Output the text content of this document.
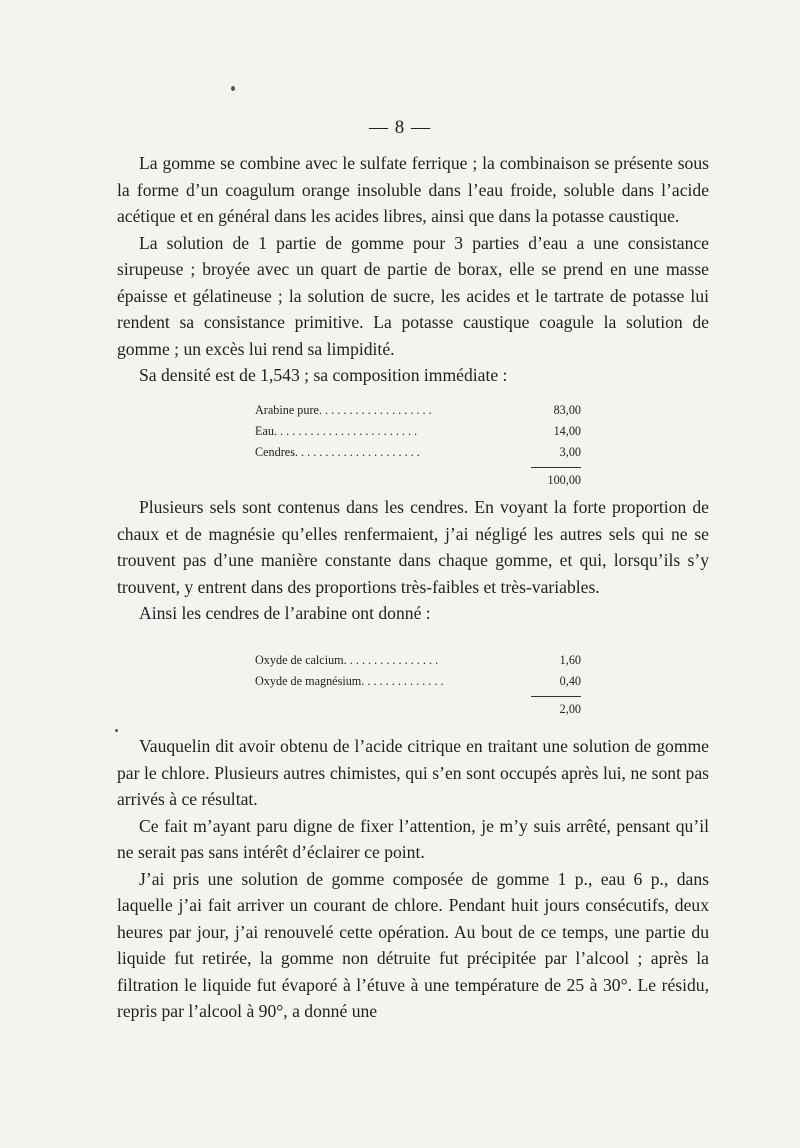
— 8 —

La gomme se combine avec le sulfate ferrique ; la combinaison se présente sous la forme d’un coagulum orange insoluble dans l’eau froide, soluble dans l’acide acétique et en général dans les acides libres, ainsi que dans la potasse caustique.

La solution de 1 partie de gomme pour 3 parties d’eau a une consistance sirupeuse ; broyée avec un quart de partie de borax, elle se prend en une masse épaisse et gélatineuse ; la solution de sucre, les acides et le tartrate de potasse lui rendent sa consistance primitive. La potasse caustique coagule la solution de gomme ; un excès lui rend sa limpidité.

Sa densité est de 1,543 ; sa composition immédiate :

Arabine pure. . . . . . . . . . . . . . . . . . .	83,00
Eau. . . . . . . . . . . . . . . . . . . . . . . .	14,00
Cendres. . . . . . . . . . . . . . . . . . . . .	3,00
100,00

Plusieurs sels sont contenus dans les cendres. En voyant la forte proportion de chaux et de magnésie qu’elles renfermaient, j’ai négligé les autres sels qui ne se trouvent pas d’une manière constante dans chaque gomme, et qui, lorsqu’ils s’y trouvent, y entrent dans des proportions très-faibles et très-variables.

Ainsi les cendres de l’arabine ont donné :

Oxyde de calcium. . . . . . . . . . . . . . . .	1,60
Oxyde de magnésium. . . . . . . . . . . . . .	0,40
2,00

Vauquelin dit avoir obtenu de l’acide citrique en traitant une solution de gomme par le chlore. Plusieurs autres chimistes, qui s’en sont occupés après lui, ne sont pas arrivés à ce résultat.

Ce fait m’ayant paru digne de fixer l’attention, je m’y suis arrêté, pensant qu’il ne serait pas sans intérêt d’éclairer ce point.

J’ai pris une solution de gomme composée de gomme 1 p., eau 6 p., dans laquelle j’ai fait arriver un courant de chlore. Pendant huit jours consécutifs, deux heures par jour, j’ai renouvelé cette opération. Au bout de ce temps, une partie du liquide fut retirée, la gomme non détruite fut précipitée par l’alcool ; après la filtration le liquide fut évaporé à l’étuve à une température de 25 à 30°. Le résidu, repris par l’alcool à 90°, a donné une
